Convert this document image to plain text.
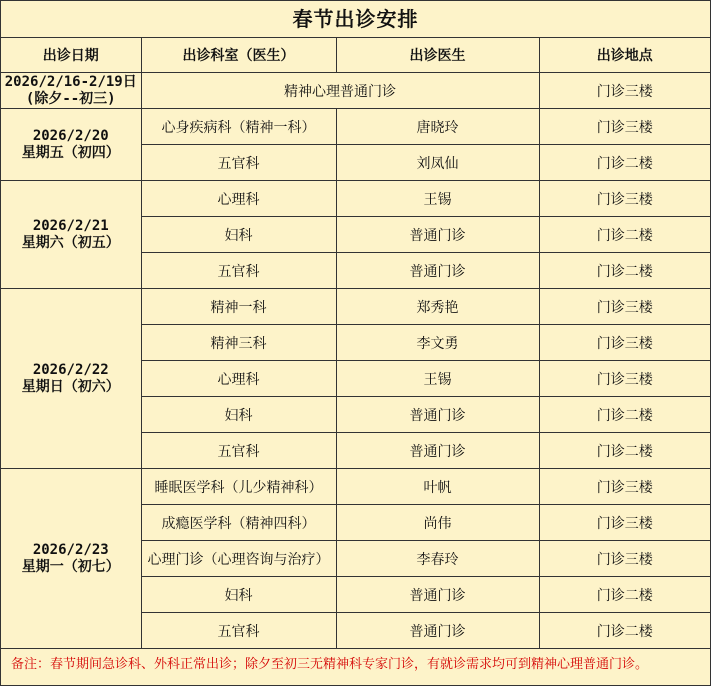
春节出诊安排
出诊日期	出诊科室（医生）	出诊医生	出诊地点

2026/2/16-2/19日
(除夕--初三)	精神心理普通门诊		门诊三楼

2026/2/20
星期五（初四）	心身疾病科（精神一科）	唐晓玲	门诊三楼
	五官科	刘凤仙	门诊二楼

2026/2/21
星期六（初五）	心理科	王锡	门诊三楼
	妇科	普通门诊	门诊二楼
	五官科	普通门诊	门诊二楼

2026/2/22
星期日（初六）	精神一科	郑秀艳	门诊三楼
	精神三科	李文勇	门诊三楼
	心理科	王锡	门诊三楼
	妇科	普通门诊	门诊二楼
	五官科	普通门诊	门诊二楼

2026/2/23
星期一（初七）	睡眠医学科（儿少精神科）	叶帆	门诊三楼
	成瘾医学科（精神四科）	尚伟	门诊三楼
	心理门诊（心理咨询与治疗）	李春玲	门诊三楼
	妇科	普通门诊	门诊二楼
	五官科	普通门诊	门诊二楼
备注：春节期间急诊科、外科正常出诊；除夕至初三无精神科专家门诊，有就诊需求均可到精神心理普通门诊。
